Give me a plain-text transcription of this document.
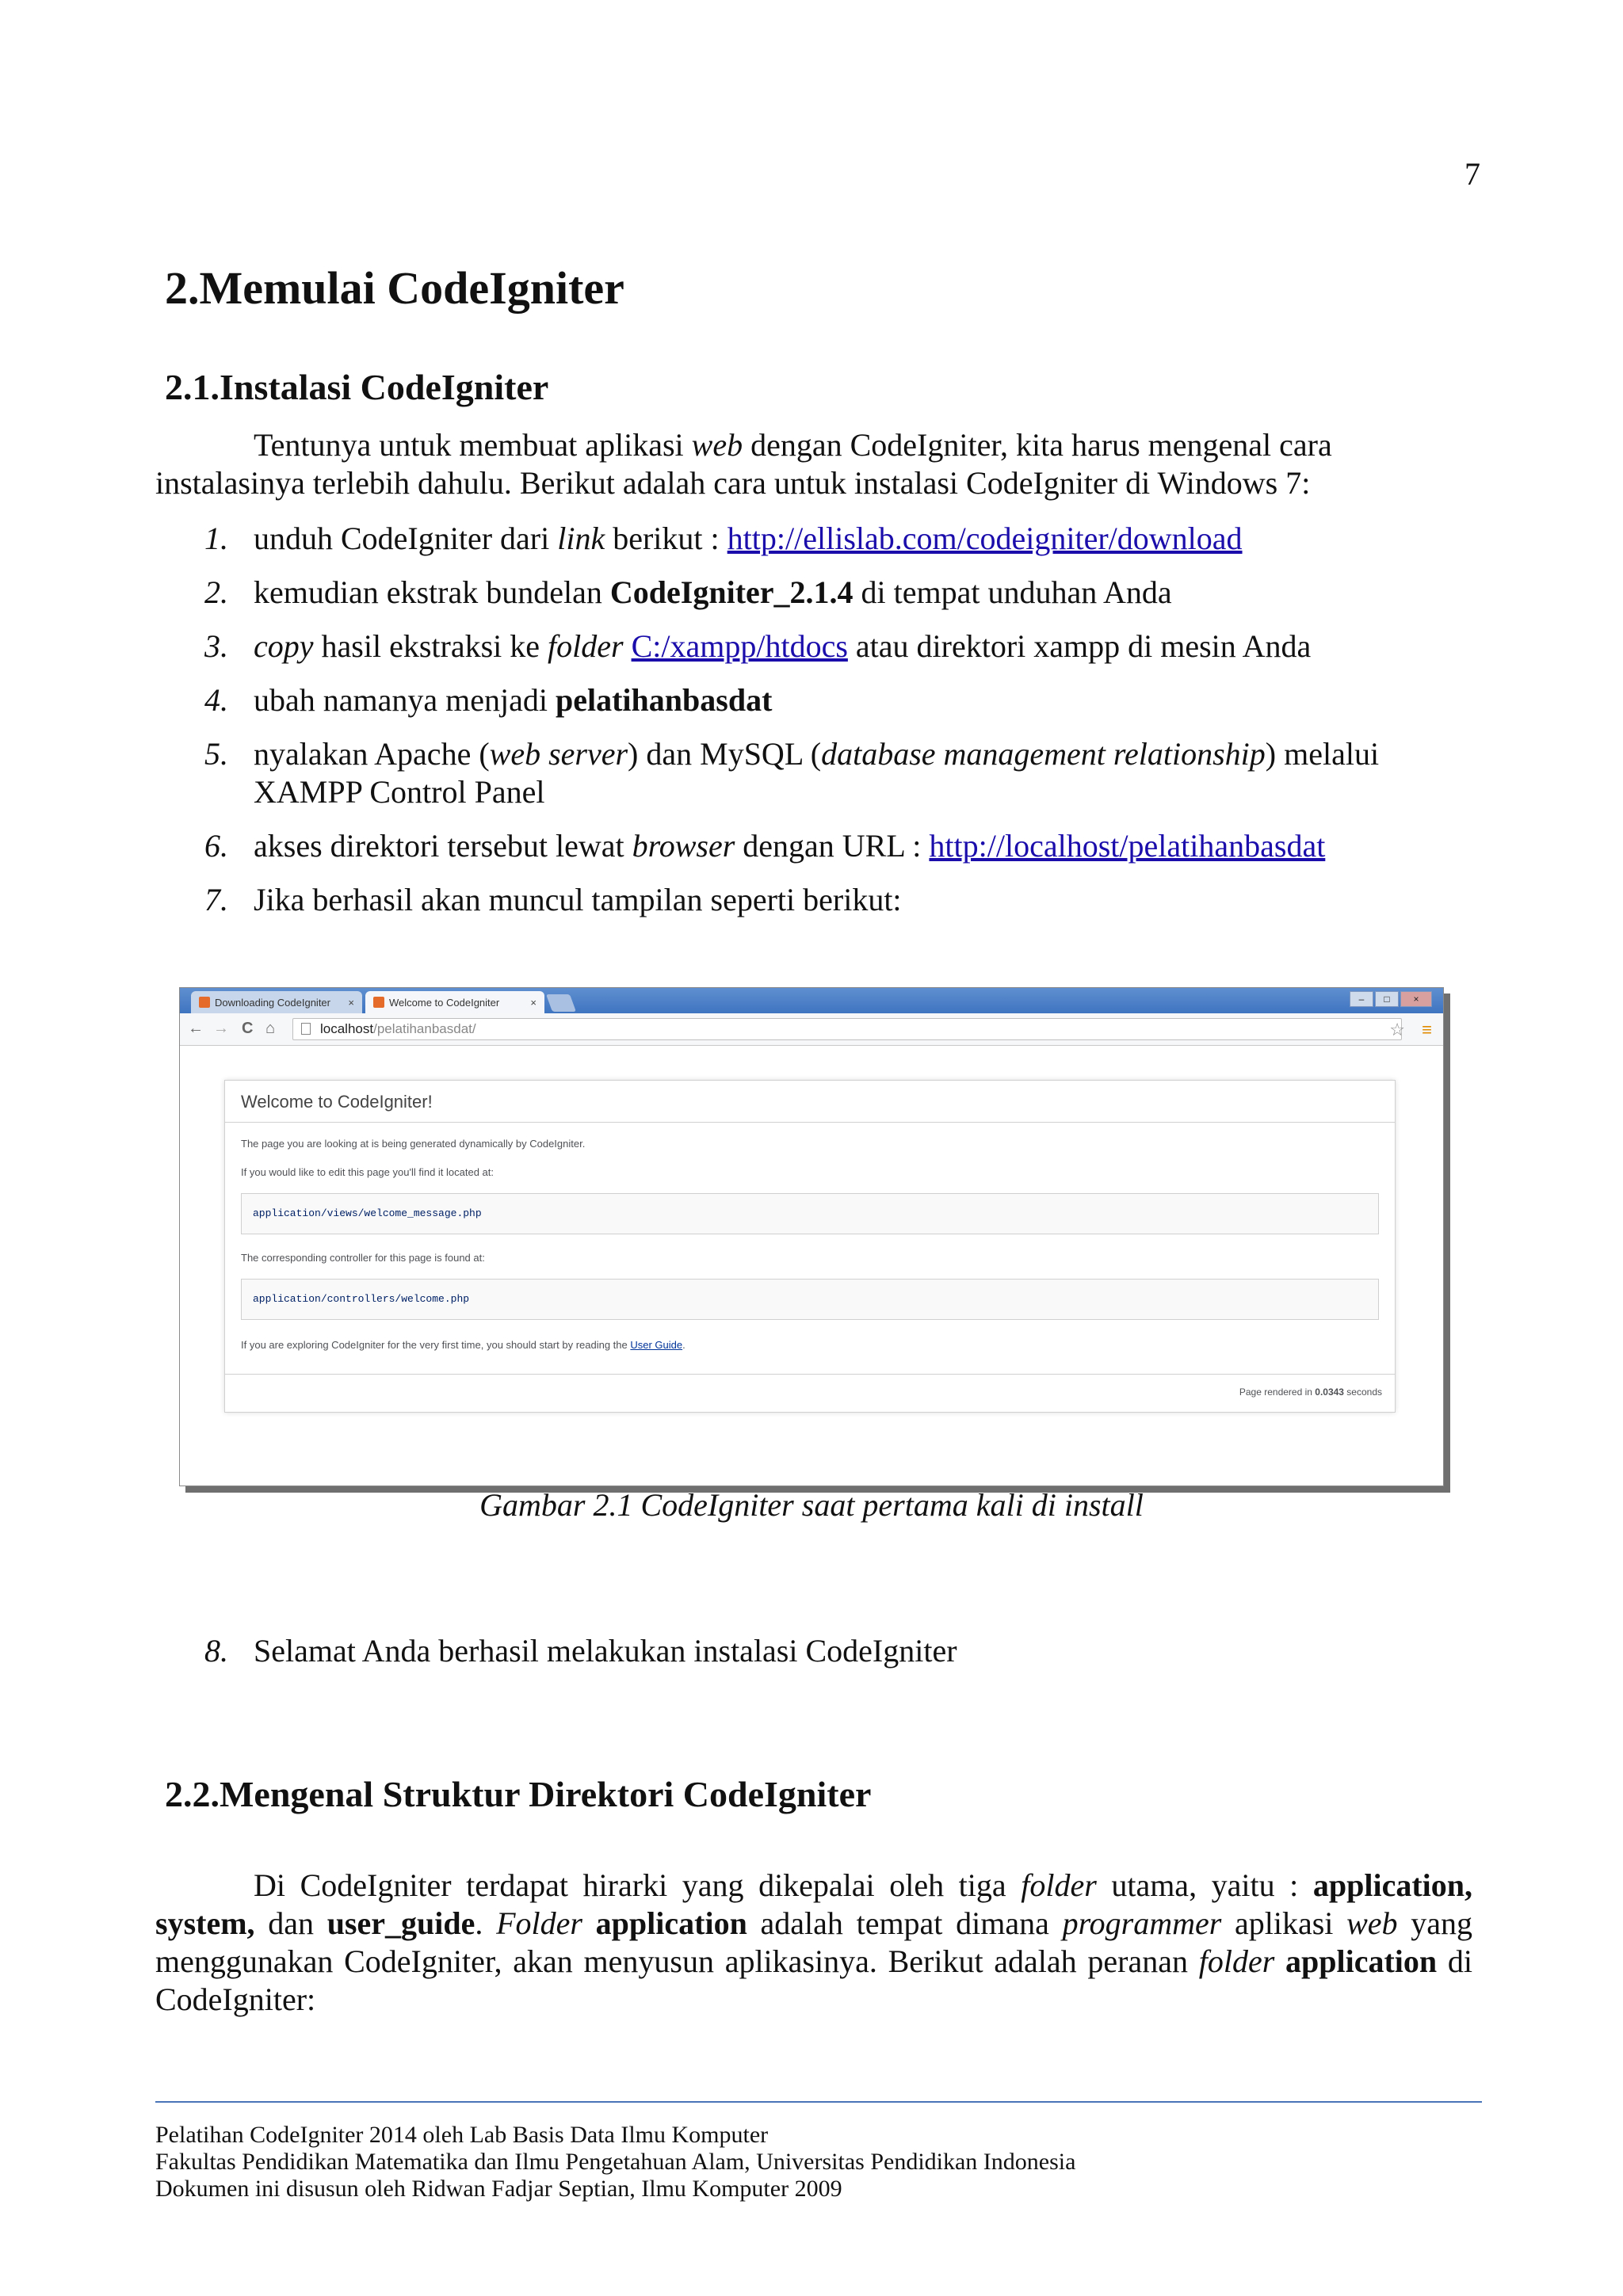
7
2.Memulai CodeIgniter
2.1.Instalasi CodeIgniter
Tentunya untuk membuat aplikasi web dengan CodeIgniter, kita harus mengenal cara
instalasinya terlebih dahulu. Berikut adalah cara untuk instalasi CodeIgniter di Windows 7:
1. unduh CodeIgniter dari link berikut : http://ellislab.com/codeigniter/download
2. kemudian ekstrak bundelan CodeIgniter_2.1.4 di tempat unduhan Anda
3. copy hasil ekstraksi ke folder C:/xampp/htdocs atau direktori xampp di mesin Anda
4. ubah namanya menjadi pelatihanbasdat
5. nyalakan Apache (web server) dan MySQL (database management relationship) melalui
XAMPP Control Panel
6. akses direktori tersebut lewat browser dengan URL : http://localhost/pelatihanbasdat
7. Jika berhasil akan muncul tampilan seperti berikut:
Downloading CodeIgniter ×	Welcome to CodeIgniter	×	–	□	×
← → C ⌂	localhost/pelatihanbasdat/	☆ ≡
Welcome to CodeIgniter!
The page you are looking at is being generated dynamically by CodeIgniter.
If you would like to edit this page you'll find it located at:
application/views/welcome_message.php
The corresponding controller for this page is found at:
application/controllers/welcome.php
If you are exploring CodeIgniter for the very first time, you should start by reading the User Guide.
Page rendered in 0.0343 seconds
Gambar 2.1 CodeIgniter saat pertama kali di install
8. Selamat Anda berhasil melakukan instalasi CodeIgniter
2.2.Mengenal Struktur Direktori CodeIgniter
Di CodeIgniter terdapat hirarki yang dikepalai oleh tiga folder utama, yaitu : application, system, dan user_guide. Folder application adalah tempat dimana programmer aplikasi web yang menggunakan CodeIgniter, akan menyusun aplikasinya. Berikut adalah peranan folder application di CodeIgniter:
Pelatihan CodeIgniter 2014 oleh Lab Basis Data Ilmu Komputer
Fakultas Pendidikan Matematika dan Ilmu Pengetahuan Alam, Universitas Pendidikan Indonesia
Dokumen ini disusun oleh Ridwan Fadjar Septian, Ilmu Komputer 2009
